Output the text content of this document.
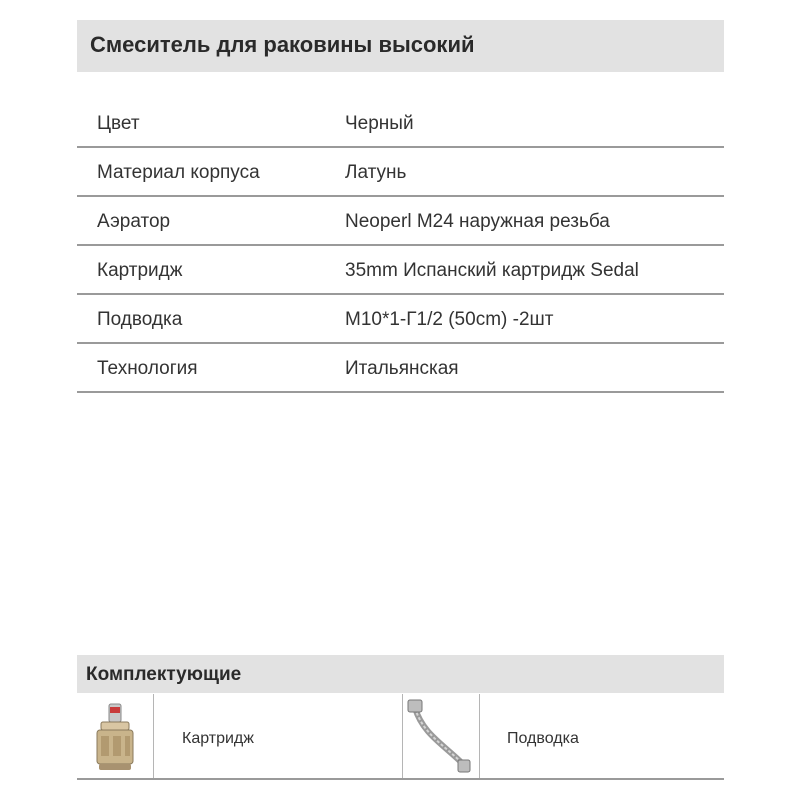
Смеситель для раковины высокий
Цвет	Черный
Материал корпуса	Латунь
Аэратор	Neoperl M24 наружная резьба
Картридж	35mm Испанский картридж Sedal
Подводка	M10*1-Г1/2 (50cm) -2шт
Технология	Итальянская
Комплектующие
Картридж	Подводка
